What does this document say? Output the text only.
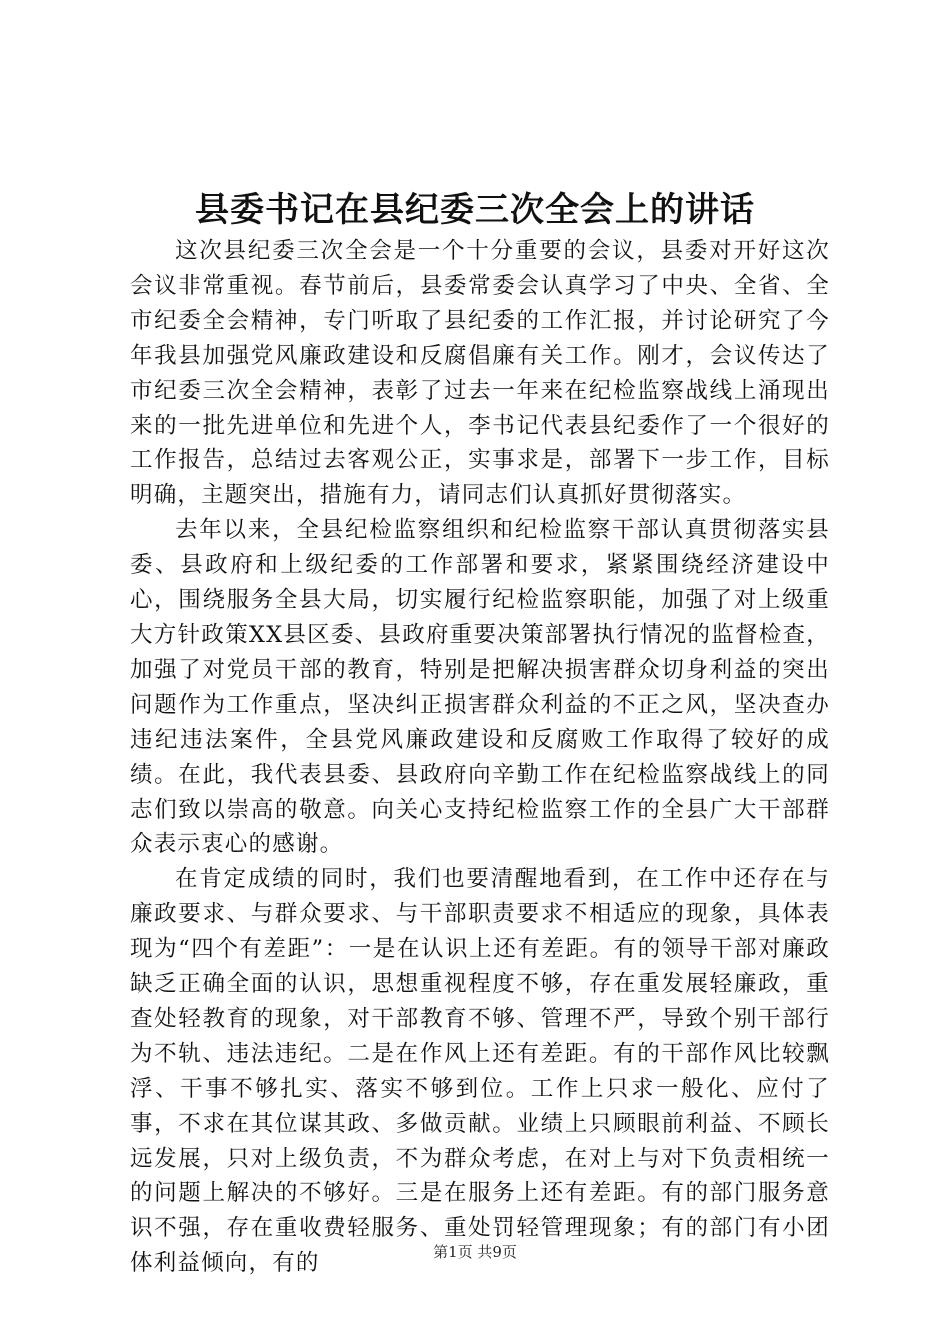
县委书记在县纪委三次全会上的讲话

这次县纪委三次全会是一个十分重要的会议，县委对开好这次会议非常重视。春节前后，县委常委会认真学习了中央、全省、全市纪委全会精神，专门听取了县纪委的工作汇报，并讨论研究了今年我县加强党风廉政建设和反腐倡廉有关工作。刚才，会议传达了市纪委三次全会精神，表彰了过去一年来在纪检监察战线上涌现出来的一批先进单位和先进个人，李书记代表县纪委作了一个很好的工作报告，总结过去客观公正，实事求是，部署下一步工作，目标明确，主题突出，措施有力，请同志们认真抓好贯彻落实。

去年以来，全县纪检监察组织和纪检监察干部认真贯彻落实县委、县政府和上级纪委的工作部署和要求，紧紧围绕经济建设中心，围绕服务全县大局，切实履行纪检监察职能，加强了对上级重大方针政策XX县区委、县政府重要决策部署执行情况的监督检查，加强了对党员干部的教育，特别是把解决损害群众切身利益的突出问题作为工作重点，坚决纠正损害群众利益的不正之风，坚决查办违纪违法案件，全县党风廉政建设和反腐败工作取得了较好的成绩。在此，我代表县委、县政府向辛勤工作在纪检监察战线上的同志们致以崇高的敬意。向关心支持纪检监察工作的全县广大干部群众表示衷心的感谢。

在肯定成绩的同时，我们也要清醒地看到，在工作中还存在与廉政要求、与群众要求、与干部职责要求不相适应的现象，具体表现为“四个有差距”：一是在认识上还有差距。有的领导干部对廉政缺乏正确全面的认识，思想重视程度不够，存在重发展轻廉政，重查处轻教育的现象，对干部教育不够、管理不严，导致个别干部行为不轨、违法违纪。二是在作风上还有差距。有的干部作风比较飘浮、干事不够扎实、落实不够到位。工作上只求一般化、应付了事，不求在其位谋其政、多做贡献。业绩上只顾眼前利益、不顾长远发展，只对上级负责，不为群众考虑，在对上与对下负责相统一的问题上解决的不够好。三是在服务上还有差距。有的部门服务意识不强，存在重收费轻服务、重处罚轻管理现象；有的部门有小团体利益倾向，有的	第1页 共9页
